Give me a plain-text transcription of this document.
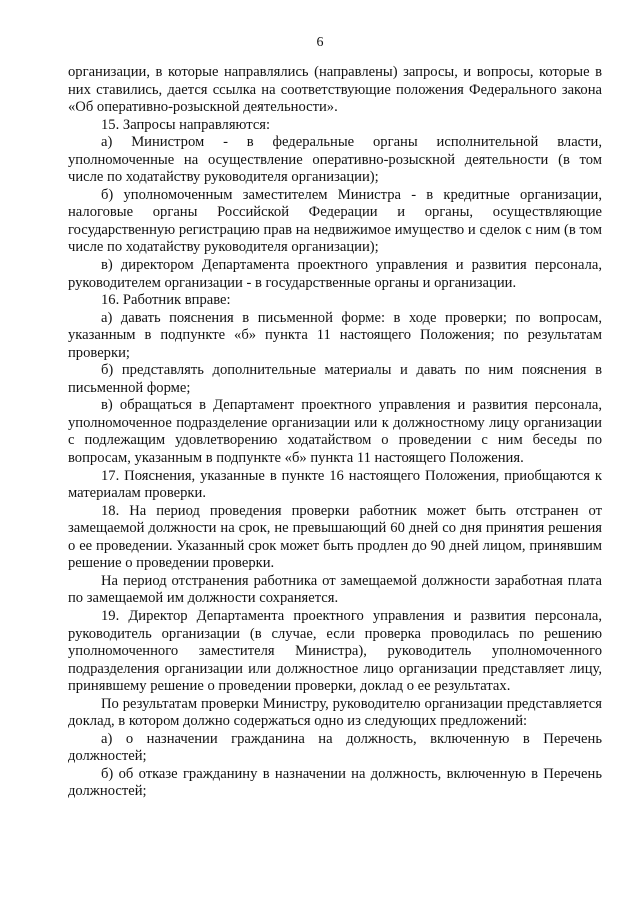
6

организации, в которые направлялись (направлены) запросы, и вопросы, которые в них ставились, дается ссылка на соответствующие положения Федерального закона «Об оперативно-розыскной деятельности».

15. Запросы направляются:

а) Министром - в федеральные органы исполнительной власти, уполномоченные на осуществление оперативно-розыскной деятельности (в том числе по ходатайству руководителя организации);

б) уполномоченным заместителем Министра - в кредитные организации, налоговые органы Российской Федерации и органы, осуществляющие государственную регистрацию прав на недвижимое имущество и сделок с ним (в том числе по ходатайству руководителя организации);

в) директором Департамента проектного управления и развития персонала, руководителем организации - в государственные органы и организации.

16. Работник вправе:

а) давать пояснения в письменной форме: в ходе проверки; по вопросам, указанным в подпункте «б» пункта 11 настоящего Положения; по результатам проверки;

б) представлять дополнительные материалы и давать по ним пояснения в письменной форме;

в) обращаться в Департамент проектного управления и развития персонала, уполномоченное подразделение организации или к должностному лицу организации с подлежащим удовлетворению ходатайством о проведении с ним беседы по вопросам, указанным в подпункте «б» пункта 11 настоящего Положения.

17. Пояснения, указанные в пункте 16 настоящего Положения, приобщаются к материалам проверки.

18. На период проведения проверки работник может быть отстранен от замещаемой должности на срок, не превышающий 60 дней со дня принятия решения о ее проведении. Указанный срок может быть продлен до 90 дней лицом, принявшим решение о проведении проверки.

На период отстранения работника от замещаемой должности заработная плата по замещаемой им должности сохраняется.

19. Директор Департамента проектного управления и развития персонала, руководитель организации (в случае, если проверка проводилась по решению уполномоченного заместителя Министра), руководитель уполномоченного подразделения организации или должностное лицо организации представляет лицу, принявшему решение о проведении проверки, доклад о ее результатах.

По результатам проверки Министру, руководителю организации представляется доклад, в котором должно содержаться одно из следующих предложений:

а) о назначении гражданина на должность, включенную в Перечень должностей;

б) об отказе гражданину в назначении на должность, включенную в Перечень должностей;
